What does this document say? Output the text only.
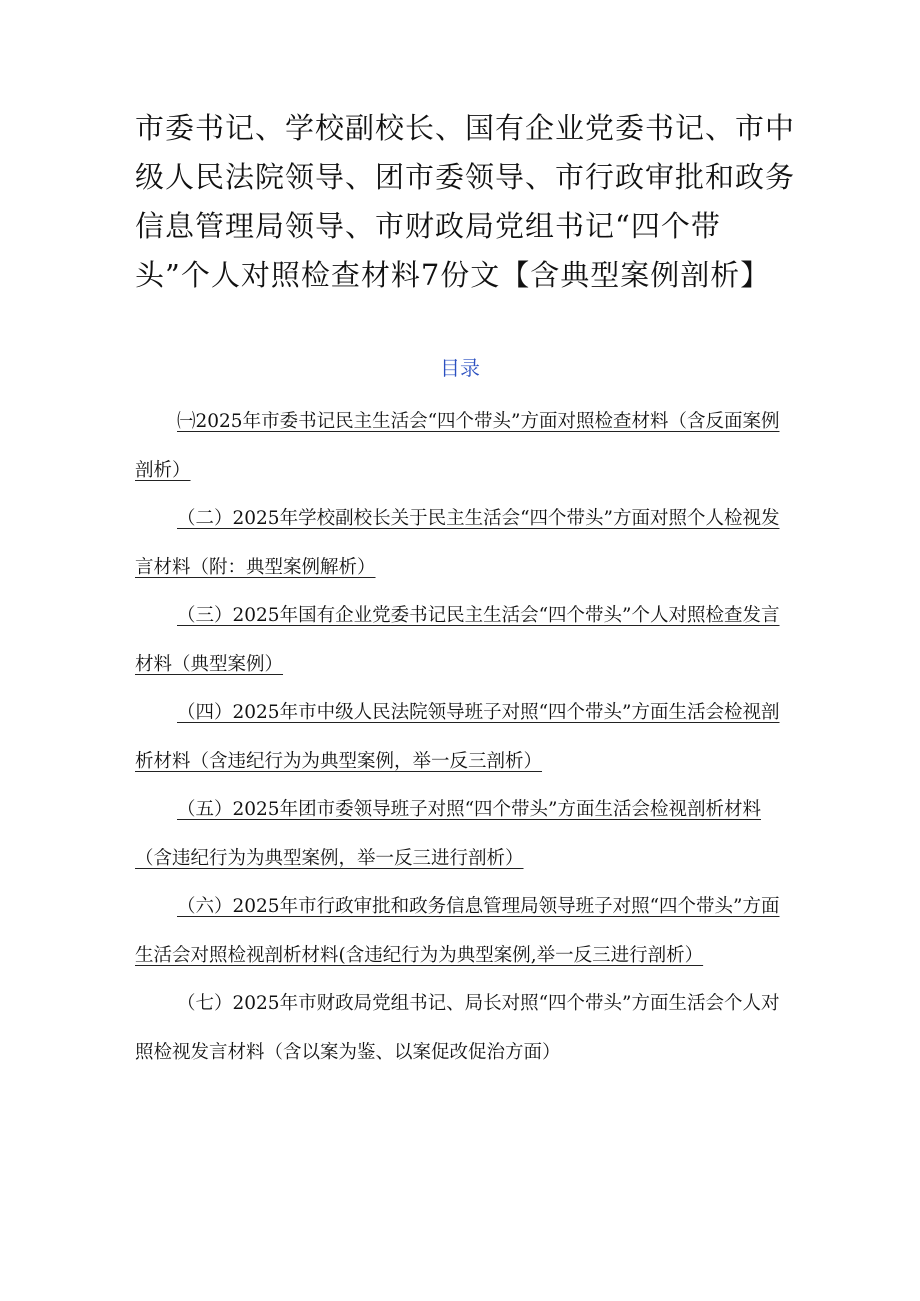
市委书记、学校副校长、国有企业党委书记、市中级人民法院领导、团市委领导、市行政审批和政务信息管理局领导、市财政局党组书记“四个带头”个人对照检查材料7份文【含典型案例剖析】
目录

㈠2025年市委书记民主生活会“四个带头”方面对照检查材料（含反面案例剖析）

（二）2025年学校副校长关于民主生活会“四个带头”方面对照个人检视发言材料（附：典型案例解析）

（三）2025年国有企业党委书记民主生活会“四个带头”个人对照检查发言材料（典型案例）

（四）2025年市中级人民法院领导班子对照“四个带头”方面生活会检视剖析材料（含违纪行为为典型案例，举一反三剖析）

（五）2025年团市委领导班子对照“四个带头”方面生活会检视剖析材料（含违纪行为为典型案例，举一反三进行剖析）

（六）2025年市行政审批和政务信息管理局领导班子对照“四个带头”方面生活会对照检视剖析材料(含违纪行为为典型案例,举一反三进行剖析）

（七）2025年市财政局党组书记、局长对照“四个带头”方面生活会个人对照检视发言材料（含以案为鉴、以案促改促治方面）
